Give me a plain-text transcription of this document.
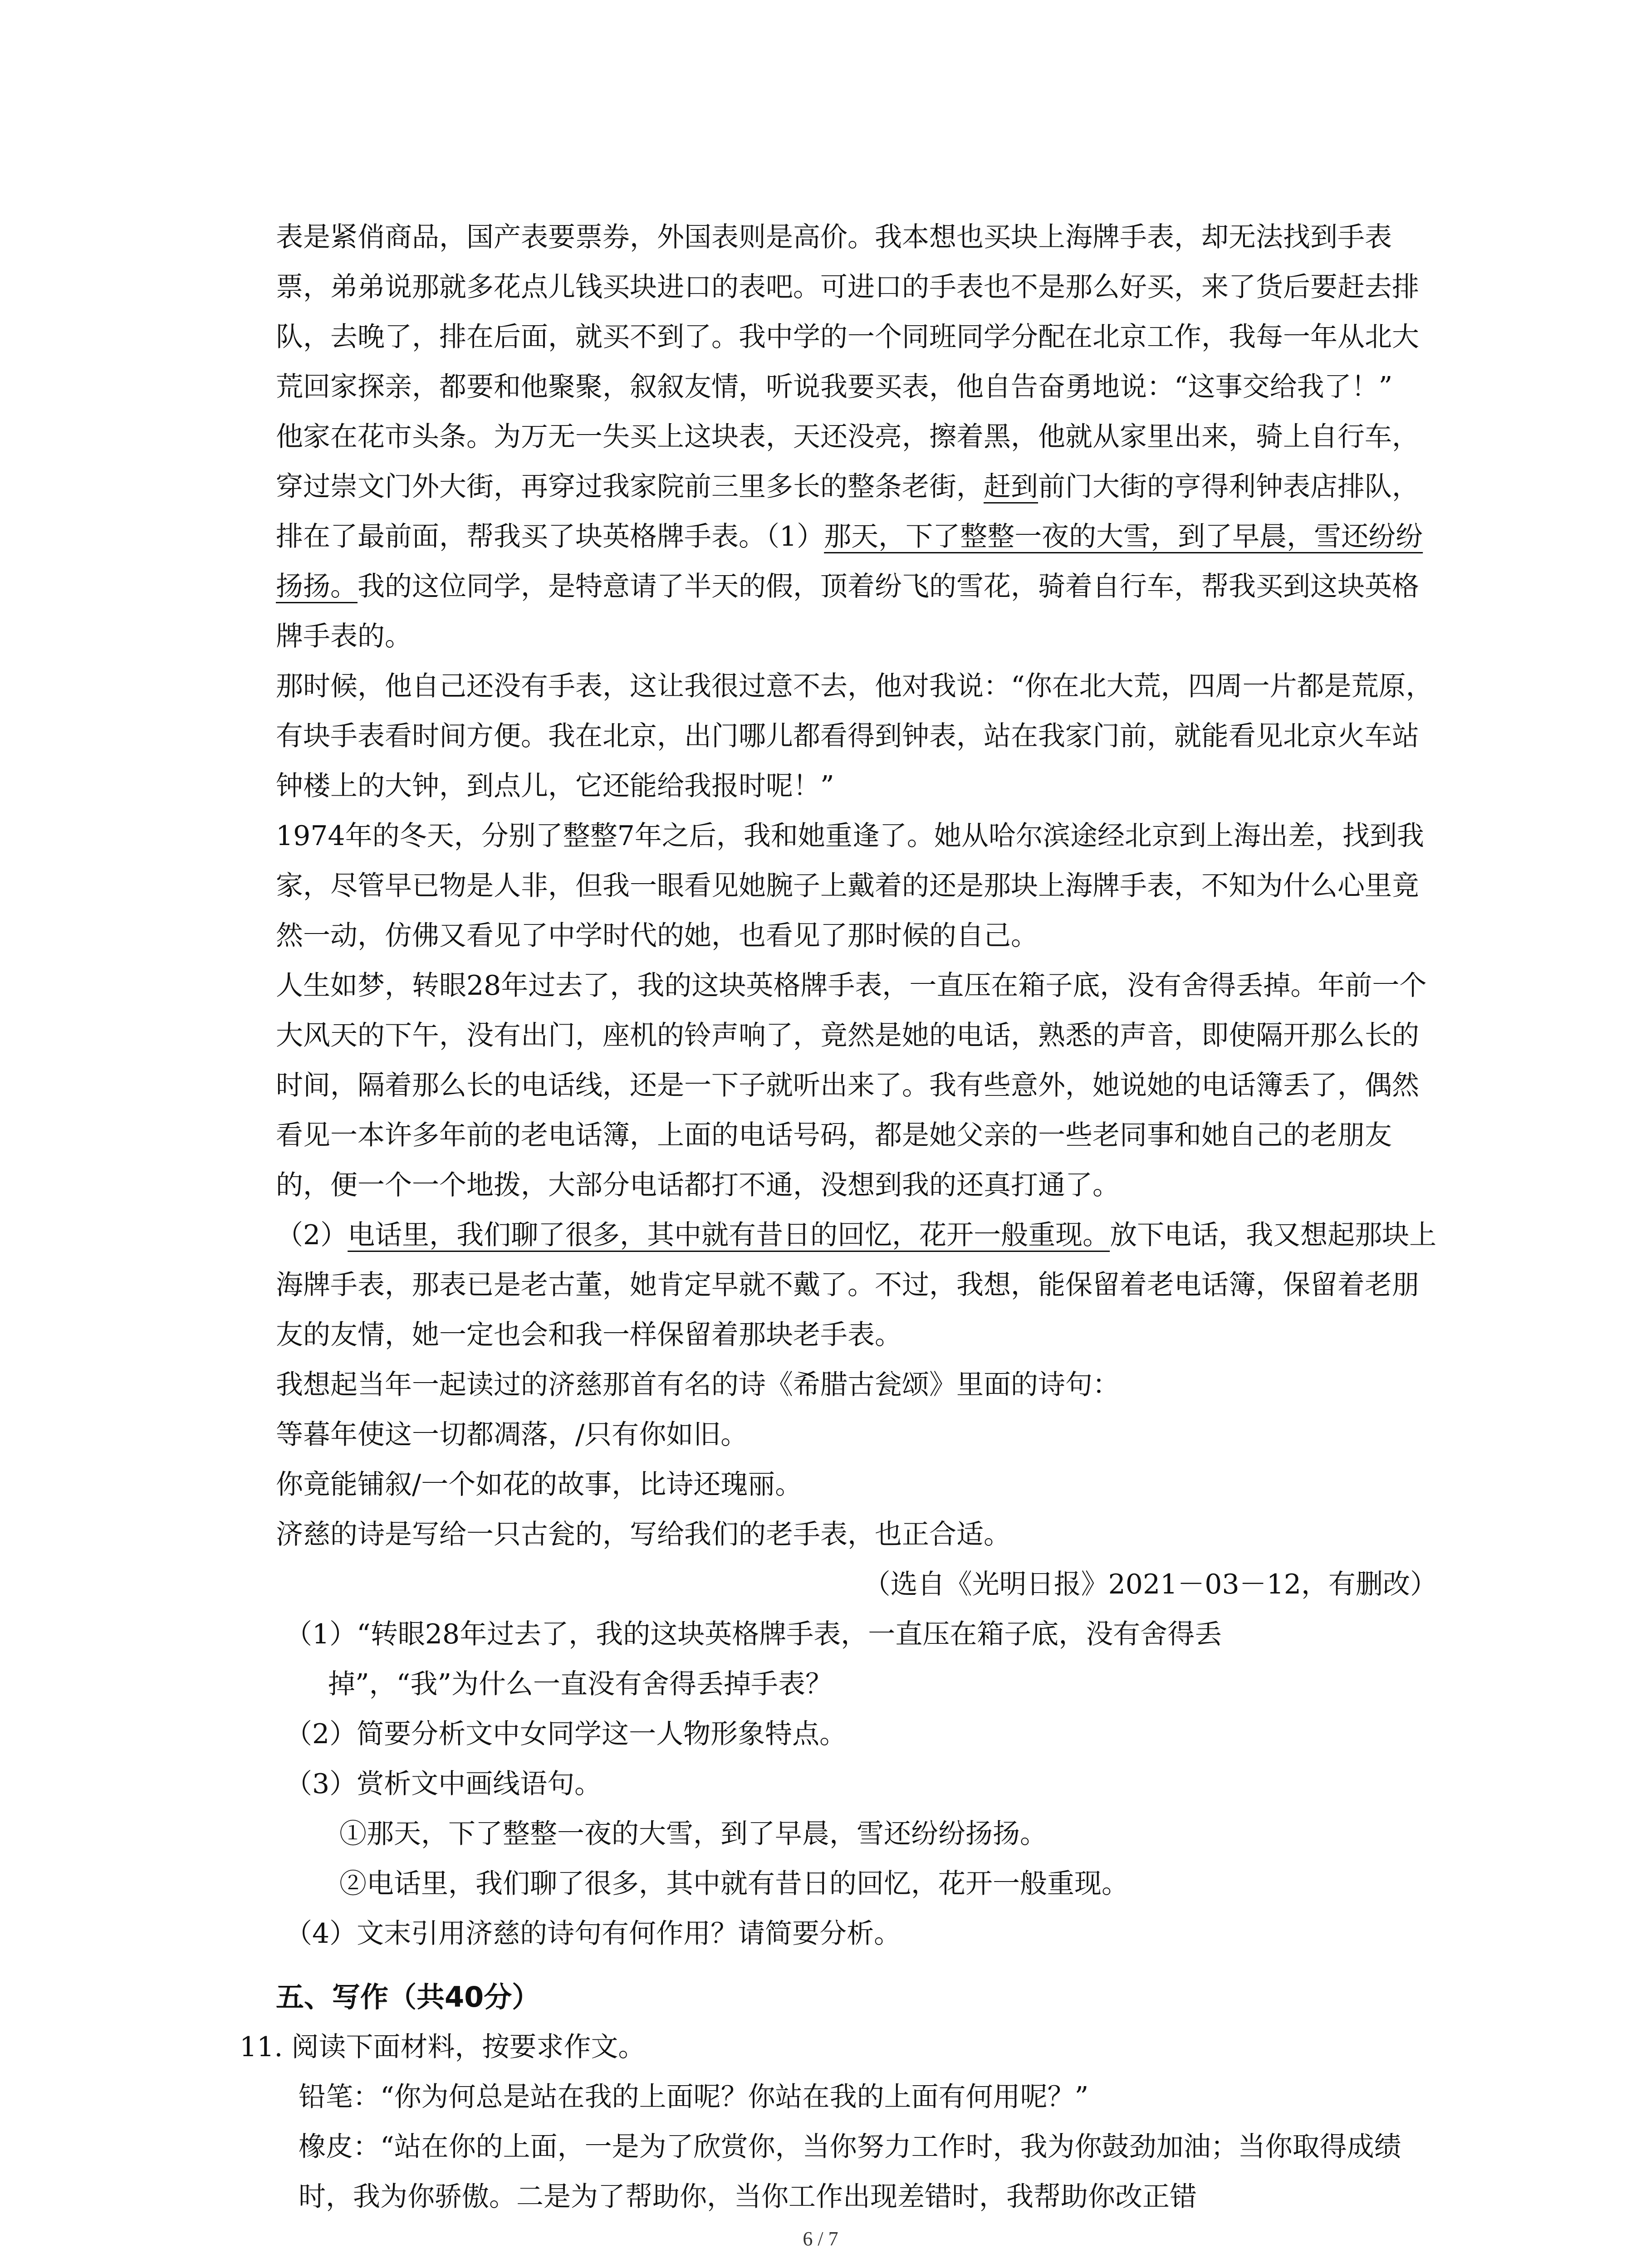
表是紧俏商品，国产表要票券，外国表则是高价。我本想也买块上海牌手表，却无法找到手表票，弟弟说那就多花点儿钱买块进口的表吧。可进口的手表也不是那么好买，来了货后要赶去排队，去晚了，排在后面，就买不到了。我中学的一个同班同学分配在北京工作，我每一年从北大荒回家探亲，都要和他聚聚，叙叙友情，听说我要买表，他自告奋勇地说：“这事交给我了！”

他家在花市头条。为万无一失买上这块表，天还没亮，擦着黑，他就从家里出来，骑上自行车，穿过崇文门外大街，再穿过我家院前三里多长的整条老街，赶到前门大街的亨得利钟表店排队，排在了最前面，帮我买了块英格牌手表。（1）那天，下了整整一夜的大雪，到了早晨，雪还纷纷扬扬。我的这位同学，是特意请了半天的假，顶着纷飞的雪花，骑着自行车，帮我买到这块英格牌手表的。

那时候，他自己还没有手表，这让我很过意不去，他对我说：“你在北大荒，四周一片都是荒原，有块手表看时间方便。我在北京，出门哪儿都看得到钟表，站在我家门前，就能看见北京火车站钟楼上的大钟，到点儿，它还能给我报时呢！”

1974年的冬天，分别了整整7年之后，我和她重逢了。她从哈尔滨途经北京到上海出差，找到我家，尽管早已物是人非，但我一眼看见她腕子上戴着的还是那块上海牌手表，不知为什么心里竟然一动，仿佛又看见了中学时代的她，也看见了那时候的自己。

人生如梦，转眼28年过去了，我的这块英格牌手表，一直压在箱子底，没有舍得丢掉。年前一个大风天的下午，没有出门，座机的铃声响了，竟然是她的电话，熟悉的声音，即使隔开那么长的时间，隔着那么长的电话线，还是一下子就听出来了。我有些意外，她说她的电话簿丢了，偶然看见一本许多年前的老电话簿，上面的电话号码，都是她父亲的一些老同事和她自己的老朋友的，便一个一个地拨，大部分电话都打不通，没想到我的还真打通了。

（2）电话里，我们聊了很多，其中就有昔日的回忆，花开一般重现。放下电话，我又想起那块上海牌手表，那表已是老古董，她肯定早就不戴了。不过，我想，能保留着老电话簿，保留着老朋友的友情，她一定也会和我一样保留着那块老手表。

我想起当年一起读过的济慈那首有名的诗《希腊古瓮颂》里面的诗句：

等暮年使这一切都凋落，/只有你如旧。

你竟能铺叙/一个如花的故事，比诗还瑰丽。

济慈的诗是写给一只古瓮的，写给我们的老手表，也正合适。

（选自《光明日报》2021－03－12，有删改）

（1）“转眼28年过去了，我的这块英格牌手表，一直压在箱子底，没有舍得丢

掉”，“我”为什么一直没有舍得丢掉手表？

（2）简要分析文中女同学这一人物形象特点。

（3）赏析文中画线语句。

①那天，下了整整一夜的大雪，到了早晨，雪还纷纷扬扬。

②电话里，我们聊了很多，其中就有昔日的回忆，花开一般重现。

（4）文末引用济慈的诗句有何作用？请简要分析。

五、写作（共40分）

11. 阅读下面材料，按要求作文。

铅笔：“你为何总是站在我的上面呢？你站在我的上面有何用呢？”

橡皮：“站在你的上面，一是为了欣赏你，当你努力工作时，我为你鼓劲加油；当你取得成绩时，我为你骄傲。二是为了帮助你，当你工作出现差错时，我帮助你改正错

6 / 7
